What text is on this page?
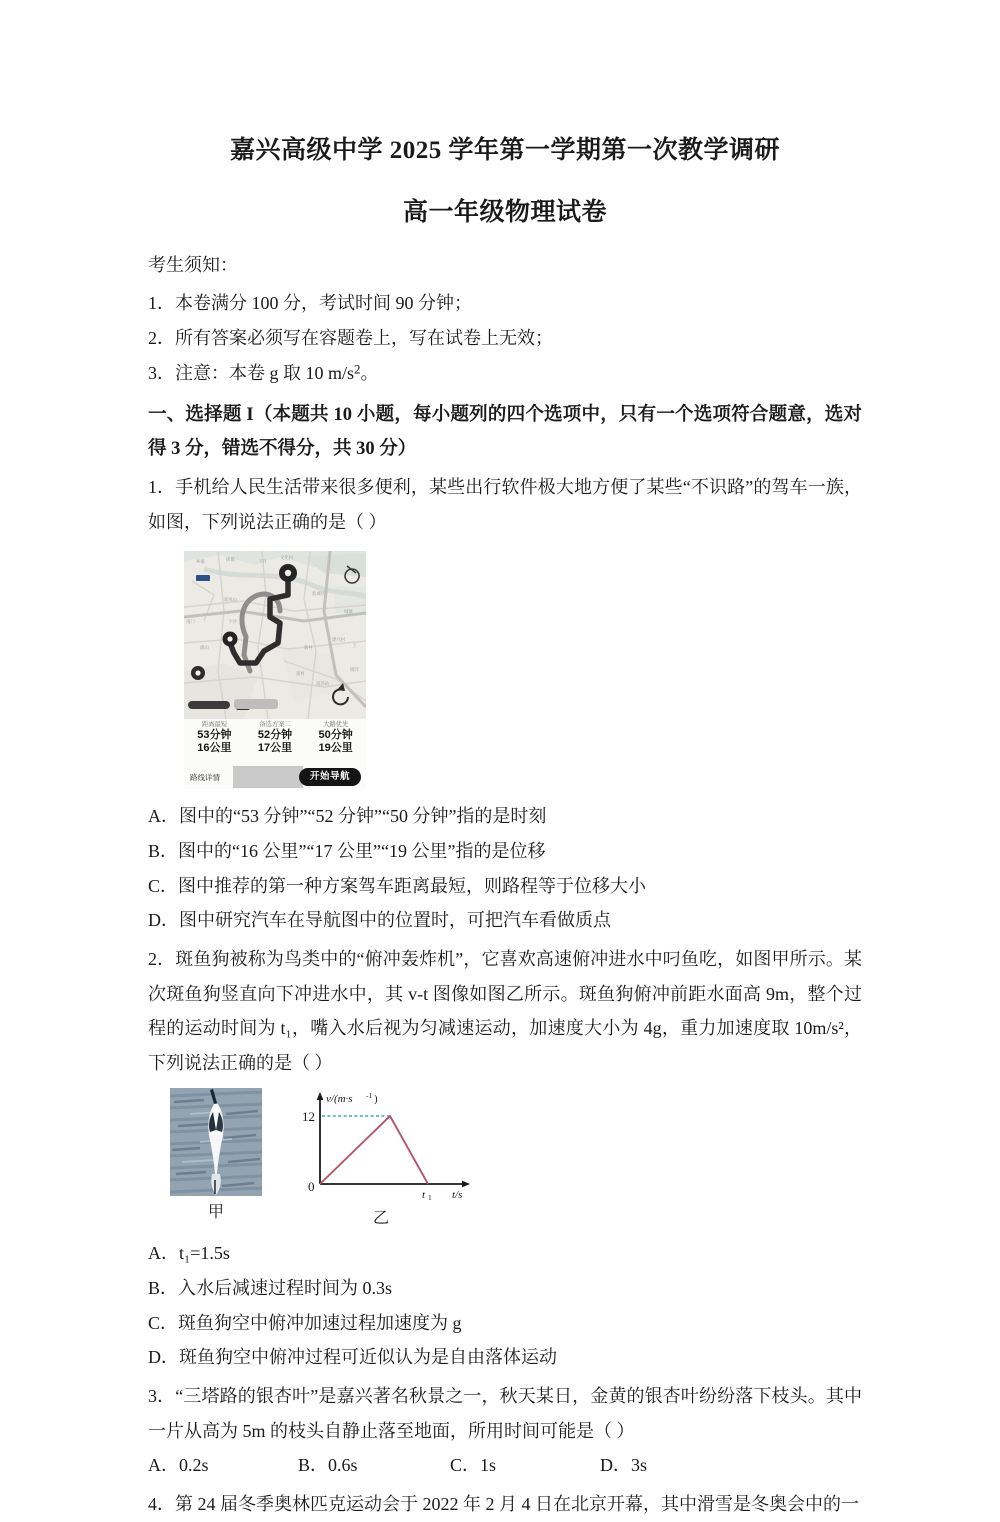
嘉兴高级中学 2025 学年第一学期第一次教学调研
高一年级物理试卷
考生须知：
1．本卷满分 100 分，考试时间 90 分钟；
2．所有答案必须写在容题卷上，写在试卷上无效；
3．注意：本卷 g 取 10 $m/s^2$。
一、选择题 I（本题共 10 小题，每小题列的四个选项中，只有一个选项符合题意，选对得 3 分，错选不得分，共 30 分）
1．手机给人民生活带来很多便利，某些出行软件极大地方便了某些“不识路”的驾车一族，如图，下列说法正确的是（ ）
乡镇	街镇	下月
文化村
新城区
新凤山
下沙
南门
郡山	新村
建兴村
上
富村
富苏站
镇洋
城镇
距离最短
53分钟
16公里
备选方案二
52分钟
17公里
大路优先
50分钟
19公里
路线详情	开始导航
A．图中的“53 分钟”“52 分钟”“50 分钟”指的是时刻
B．图中的“16 公里”“17 公里”“19 公里”指的是位移
C．图中推荐的第一种方案驾车距离最短，则路程等于位移大小
D．图中研究汽车在导航图中的位置时，可把汽车看做质点
2．斑鱼狗被称为鸟类中的“俯冲轰炸机”，它喜欢高速俯冲进水中叼鱼吃，如图甲所示。某次斑鱼狗竖直向下冲进水中，其 v-t 图像如图乙所示。斑鱼狗俯冲前距水面高 9m，整个过程的运动时间为 t₁，嘴入水后视为匀减速运动，加速度大小为 4g，重力加速度取 10m/s²，下列说法正确的是（ ）
甲
v/(m·s -1 )
12
0
t 1 t/s
乙
A．t₁=1.5s
B．入水后减速过程时间为 0.3s
C．斑鱼狗空中俯冲加速过程加速度为 g
D．斑鱼狗空中俯冲过程可近似认为是自由落体运动
3．“三塔路的银杏叶”是嘉兴著名秋景之一，秋天某日，金黄的银杏叶纷纷落下枝头。其中一片从高为 5m 的枝头自静止落至地面，所用时间可能是（ ）
A．0.2s	B．0.6s	C．1s	D．3s
4．第 24 届冬季奥林匹克运动会于 2022 年 2 月 4 日在北京开幕，其中滑雪是冬奥会中的一
